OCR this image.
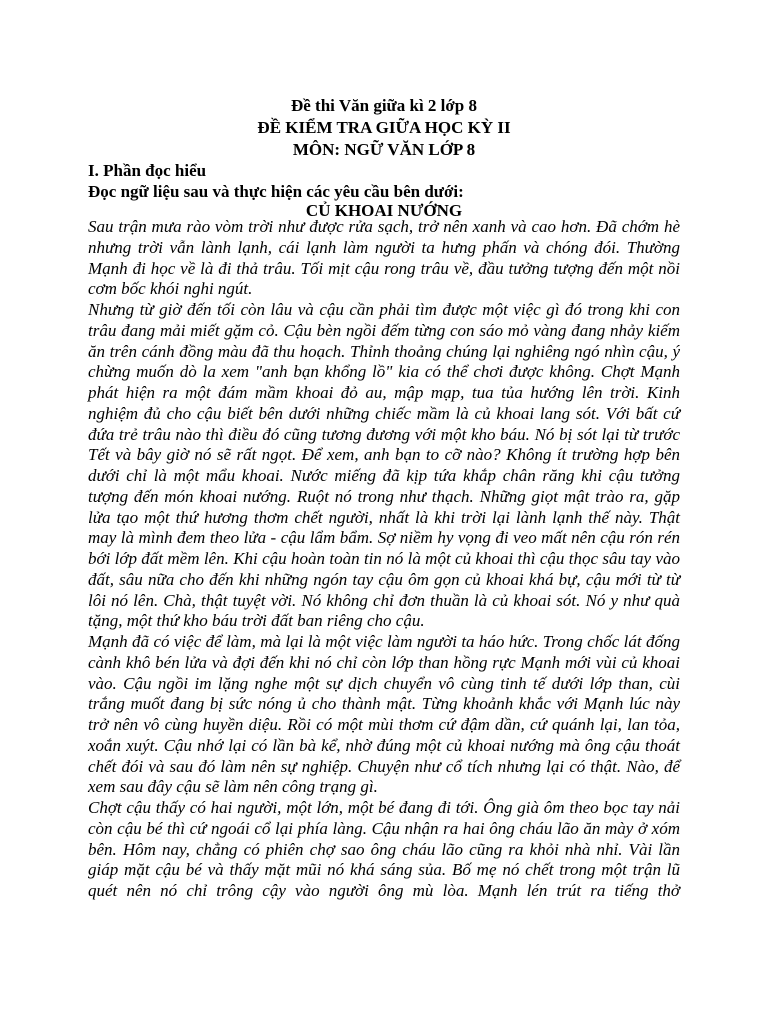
Đề thi Văn giữa kì 2 lớp 8
ĐỀ KIỂM TRA GIỮA HỌC KỲ II
MÔN: NGỮ VĂN LỚP 8
I. Phần đọc hiểu
Đọc ngữ liệu sau và thực hiện các yêu cầu bên dưới:
CỦ KHOAI NƯỚNG

Sau trận mưa rào vòm trời như được rửa sạch, trở nên xanh và cao hơn. Đã chớm hè nhưng trời vẫn lành lạnh, cái lạnh làm người ta hưng phấn và chóng đói. Thường Mạnh đi học về là đi thả trâu. Tối mịt cậu rong trâu về, đầu tưởng tượng đến một nồi cơm bốc khói nghi ngút.

Nhưng từ giờ đến tối còn lâu và cậu cần phải tìm được một việc gì đó trong khi con trâu đang mải miết gặm cỏ. Cậu bèn ngồi đếm từng con sáo mỏ vàng đang nhảy kiếm ăn trên cánh đồng màu đã thu hoạch. Thỉnh thoảng chúng lại nghiêng ngó nhìn cậu, ý chừng muốn dò la xem "anh bạn khổng lồ" kia có thể chơi được không. Chợt Mạnh phát hiện ra một đám mầm khoai đỏ au, mập mạp, tua tủa hướng lên trời. Kinh nghiệm đủ cho cậu biết bên dưới những chiếc mầm là củ khoai lang sót. Với bất cứ đứa trẻ trâu nào thì điều đó cũng tương đương với một kho báu. Nó bị sót lại từ trước Tết và bây giờ nó sẽ rất ngọt. Để xem, anh bạn to cỡ nào? Không ít trường hợp bên dưới chỉ là một mẩu khoai. Nước miếng đã kịp tứa khắp chân răng khi cậu tưởng tượng đến món khoai nướng. Ruột nó trong như thạch. Những giọt mật trào ra, gặp lửa tạo một thứ hương thơm chết người, nhất là khi trời lại lành lạnh thế này. Thật may là mình đem theo lửa - cậu lẩm bẩm. Sợ niềm hy vọng đi veo mất nên cậu rón rén bới lớp đất mềm lên. Khi cậu hoàn toàn tin nó là một củ khoai thì cậu thọc sâu tay vào đất, sâu nữa cho đến khi những ngón tay cậu ôm gọn củ khoai khá bự, cậu mới từ từ lôi nó lên. Chà, thật tuyệt vời. Nó không chỉ đơn thuần là củ khoai sót. Nó y như quà tặng, một thứ kho báu trời đất ban riêng cho cậu.

Mạnh đã có việc để làm, mà lại là một việc làm người ta háo hức. Trong chốc lát đống cành khô bén lửa và đợi đến khi nó chỉ còn lớp than hồng rực Mạnh mới vùi củ khoai vào. Cậu ngồi im lặng nghe một sự dịch chuyển vô cùng tinh tế dưới lớp than, cùi trắng muốt đang bị sức nóng ủ cho thành mật. Từng khoảnh khắc với Mạnh lúc này trở nên vô cùng huyền diệu. Rồi có một mùi thơm cứ đậm dần, cứ quánh lại, lan tỏa, xoắn xuýt. Cậu nhớ lại có lần bà kể, nhờ đúng một củ khoai nướng mà ông cậu thoát chết đói và sau đó làm nên sự nghiệp. Chuyện như cổ tích nhưng lại có thật. Nào, để xem sau đây cậu sẽ làm nên công trạng gì.

Chợt cậu thấy có hai người, một lớn, một bé đang đi tới. Ông già ôm theo bọc tay nải còn cậu bé thì cứ ngoái cổ lại phía làng. Cậu nhận ra hai ông cháu lão ăn mày ở xóm bên. Hôm nay, chẳng có phiên chợ sao ông cháu lão cũng ra khỏi nhà nhỉ. Vài lần giáp mặt cậu bé và thấy mặt mũi nó khá sáng sủa. Bố mẹ nó chết trong một trận lũ quét nên nó chỉ trông cậy vào người ông mù lòa. Mạnh lén trút ra tiếng thở
